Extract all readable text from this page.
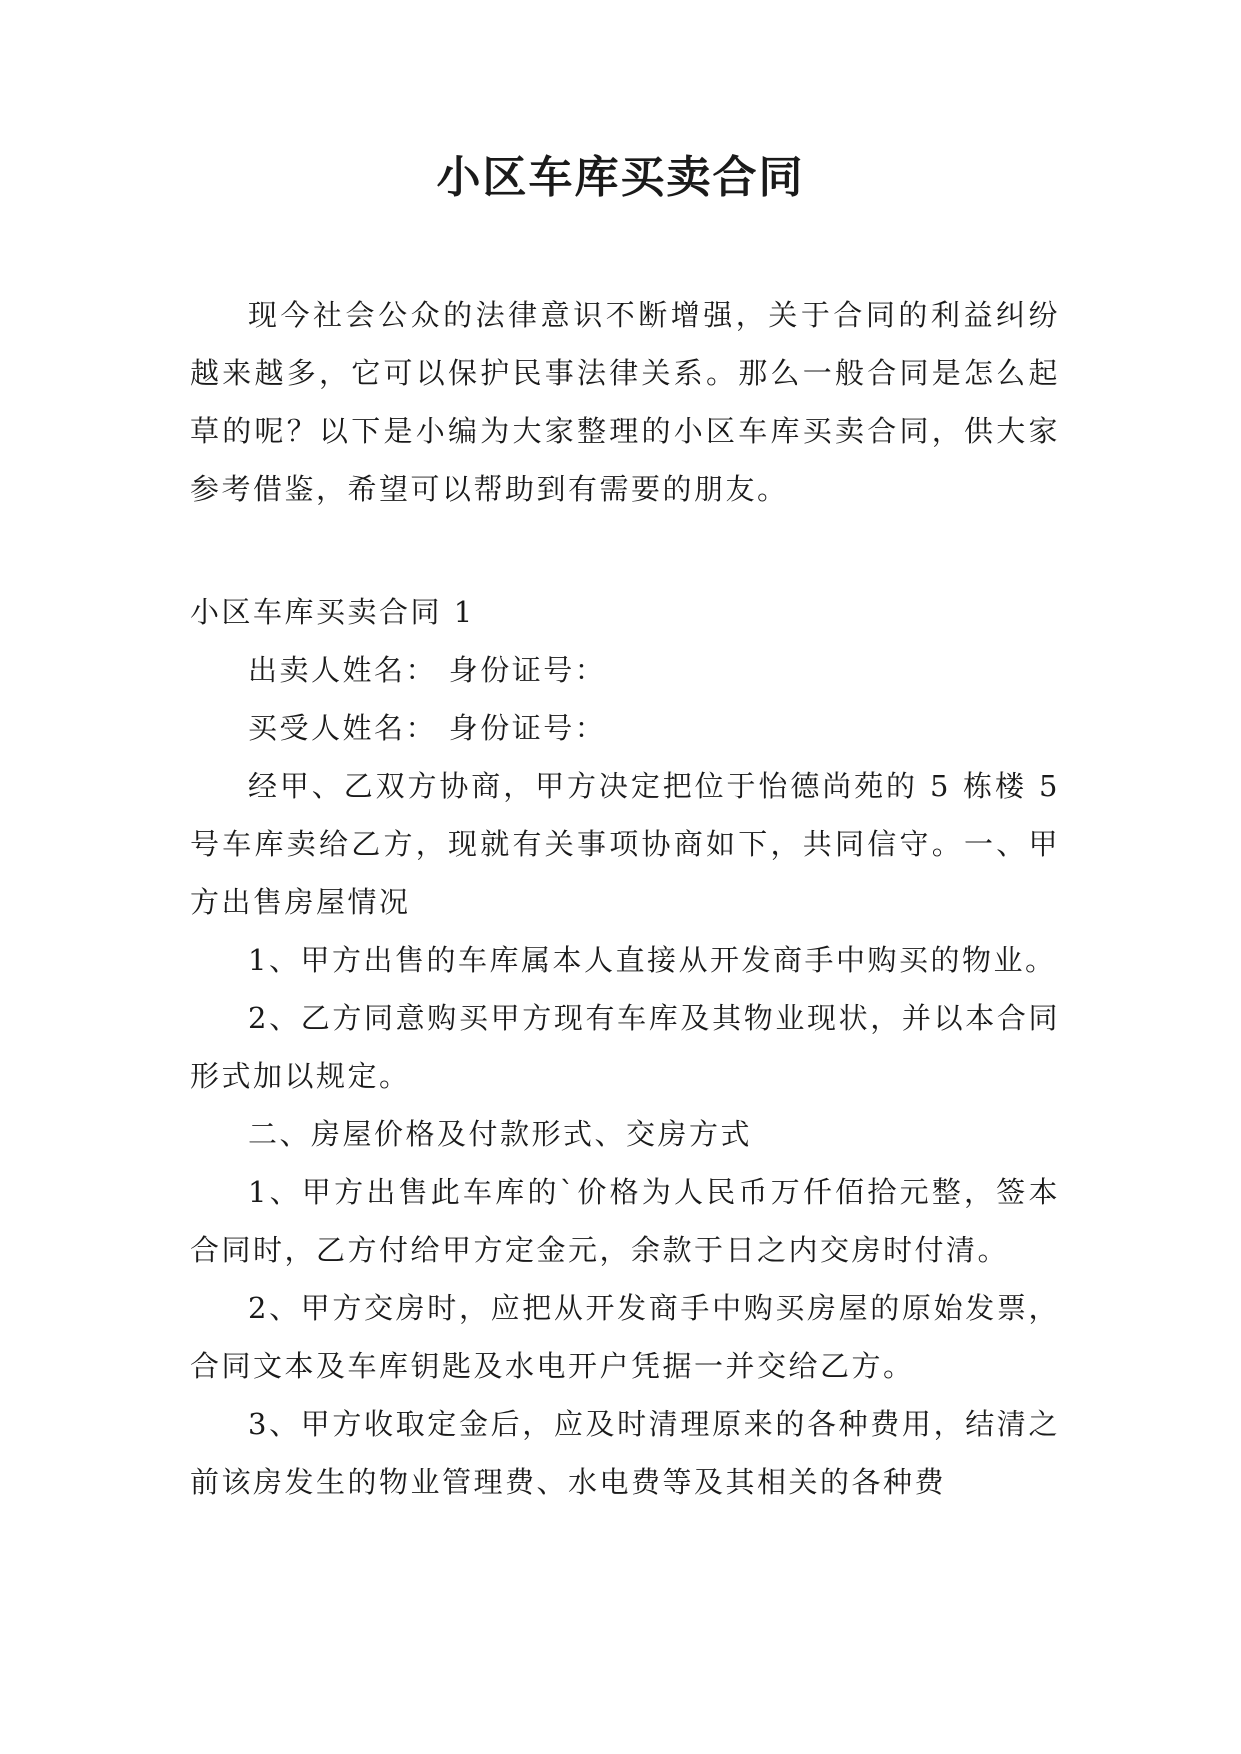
小区车库买卖合同

现今社会公众的法律意识不断增强，关于合同的利益纠纷越来越多，它可以保护民事法律关系。那么一般合同是怎么起草的呢？以下是小编为大家整理的小区车库买卖合同，供大家参考借鉴，希望可以帮助到有需要的朋友。

小区车库买卖合同 1

出卖人姓名： 身份证号：

买受人姓名： 身份证号：

经甲、乙双方协商，甲方决定把位于怡德尚苑的 5 栋楼 5 号车库卖给乙方，现就有关事项协商如下，共同信守。一、甲方出售房屋情况

1、甲方出售的车库属本人直接从开发商手中购买的物业。

2、乙方同意购买甲方现有车库及其物业现状，并以本合同形式加以规定。

二、房屋价格及付款形式、交房方式

1、甲方出售此车库的`价格为人民币万仟佰拾元整，签本合同时，乙方付给甲方定金元，余款于日之内交房时付清。

2、甲方交房时，应把从开发商手中购买房屋的原始发票，合同文本及车库钥匙及水电开户凭据一并交给乙方。

3、甲方收取定金后，应及时清理原来的各种费用，结清之前该房发生的物业管理费、水电费等及其相关的各种费
